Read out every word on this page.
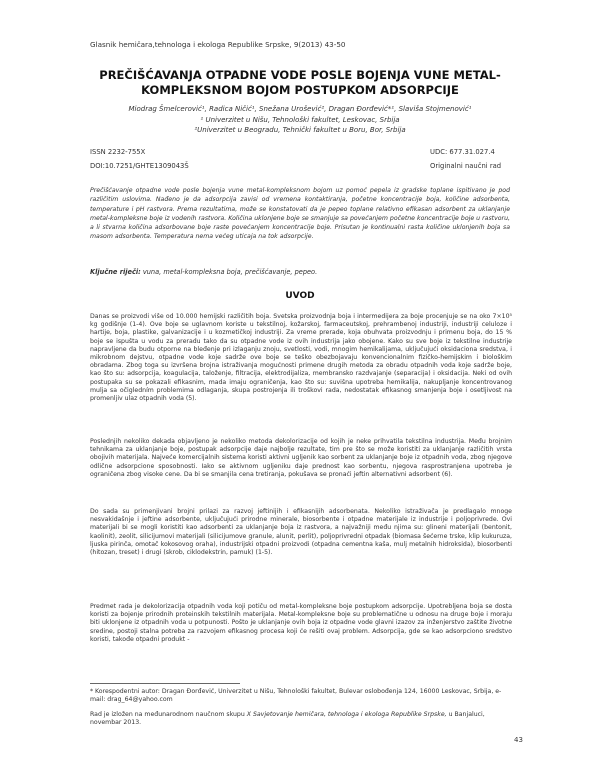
Glasnik hemičara,tehnologa i ekologa Republike Srpske, 9(2013) 43-50
PREČIŠĆAVANJA OTPADNE VODE POSLE BOJENJA VUNE METAL-
KOMPLEKSNOM BOJOM POSTUPKOM ADSORPCIJE
Miodrag Šmelcerović¹, Radica Ničić¹, Snežana Urošević², Dragan Đorđević*¹, Slaviša Stojmenović¹
¹ Univerzitet u Nišu, Tehnološki fakultet, Leskovac, Srbija
²Univerzitet u Beogradu, Tehnički fakultet u Boru, Bor, Srbija
ISSN 2232-755X	UDC: 677.31.027.4
DOI:10.7251/GHTE1309043Š	Originalni naučni rad
Prečišćavanje otpadne vode posle bojenja vune metal-kompleksnom bojom uz pomoć pepela iz gradske toplane ispitivano je pod različitim uslovima. Nađeno je da adsorpcija zavisi od vremena kontaktiranja, početne koncentracije boja, količine adsorbenta, temperature i pH rastvora. Prema rezultatima, može se konstatovati da je pepeo toplane relativno efikasan adsorbent za uklanjanje metal-kompleksne boje iz vodenih rastvora. Količina uklonjene boje se smanjuje sa povećanjem početne koncentracije boje u rastvoru, a li stvarna količina adsorbovane boje raste povećanjem koncentracije boje. Prisutan je kontinualni rasta količine uklonjenih boja sa masom adsorbenta. Temperatura nema većeg uticaja na tok adsorpcije.
Ključne riječi: vuna, metal-kompleksna boja, prečišćavanje, pepeo.
UVOD
Danas se proizvodi više od 10.000 hemijski različitih boja. Svetska proizvodnja boja i intermedijera za boje procenjuje se na oko 7×10⁵ kg godišnje (1-4). Ove boje se uglavnom koriste u tekstilnoj, kožarskoj, farmaceutskoj, prehrambenoj industriji, industriji celuloze i hartije, boja, plastike, galvanizacije i u kozmetičkoj industriji. Za vreme prerade, koja obuhvata proizvodnju i primenu boja, do 15 % boje se ispušta u vodu za preradu tako da su otpadne vode iz ovih industrija jako obojene. Kako su sve boje iz tekstilne industrije napravljene da budu otporne na bleđenje pri izlaganju znoju, svetlosti, vodi, mnogim hemikalijama, uključujući oksidaciona sredstva, i mikrobnom dejstvu, otpadne vode koje sadrže ove boje se teško obezbojavaju konvencionalnim fizičko-hemijskim i biološkim obradama. Zbog toga su izvršena brojna istraživanja mogućnosti primene drugih metoda za obradu otpadnih voda koje sadrže boje, kao što su: adsorpcija, koagulacija, taloženje, filtracija, elektrodijaliza, membransko razdvajanje (separacija) i oksidacija. Neki od ovih postupaka su se pokazali efikasnim, mada imaju ograničenja, kao što su: suvišna upotreba hemikalija, nakupljanje koncentrovanog mulja sa očigledním problemima odlaganja, skupa postrojenja ili troškovi rada, nedostatak efikasnog smanjenja boje i osetljivost na promenljiv ulaz otpadnih voda (5).
Poslednjih nekoliko dekada objavljeno je nekoliko metoda dekolorizacije od kojih je neke prihvatila tekstilna industrija. Među brojnim tehnikama za uklanjanje boje, postupak adsorpcije daje najbolje rezultate, tim pre što se može koristiti za uklanjanje različitih vrsta obojivih materijala. Najveće komercijalnih sistema koristi aktivni ugljenik kao sorbent za uklanjanje boje iz otpadnih voda, zbog njegove odlične adsorpcione sposobnosti. Iako se aktivnom ugljeniku daje prednost kao sorbentu, njegova rasprostranjena upotreba je ograničena zbog visoke cene. Da bi se smanjila cena tretiranja, pokušava se pronaći jeftin alternativni adsorbent (6).
Do sada su primenjivani brojni prilazi za razvoj jeftinijih i efikasnijih adsorbenata. Nekoliko istraživača je predlagalo mnoge nesvakidašnje i jeftine adsorbente, uključujući prirodne minerale, biosorbente i otpadne materijale iz industrije i poljoprivrede. Ovi materijali bi se mogli koristiti kao adsorbenti za uklanjanje boja iz rastvora, a najvažniji među njima su: glineni materijali (bentonit, kaolinit), zeolit, silicijumovi materijali (silicijumove granule, alunit, perlit), poljoprivredni otpadak (biomasa šećerne trske, klip kukuruza, ljuska pirinča, omotač kokosovog oraha), industrijski otpadni proizvodi (otpadna cementna kaša, mulj metalnih hidroksida), biosorbenti (hitozan, treset) i drugi (skrob, ciklodekstrin, pamuk) (1-5).
Predmet rada je dekolorizacija otpadnih voda koji potiču od metal-kompleksne boje postupkom adsorpcije. Upotrebljena boja se dosta koristi za bojenje prirodnih proteinskih tekstilnih materijala. Metal-kompleksne boje su problematične u odnosu na druge boje i moraju biti uklonjene iz otpadnih voda u potpunosti. Pošto je uklanjanje ovih boja iz otpadne vode glavni izazov za inženjerstvo zaštite životne sredine, postoji stalna potreba za razvojem efikasnog procesa koji će rešiti ovaj problem. Adsorpcija, gde se kao adsorpciono sredstvo koristi, takođe otpadni produkt -
* Korespodentni autor: Dragan Đorđević, Univerzitet u Nišu, Tehnološki fakultet, Bulevar oslobođenja 124, 16000 Leskovac, Srbija, e-mail: drag_64@yahoo.com
Rad je izložen na međunarodnom naučnom skupu X Savjetovanje hemičara, tehnologa i ekologa Republike Srpske, u Banjaluci, novembar 2013.
43
